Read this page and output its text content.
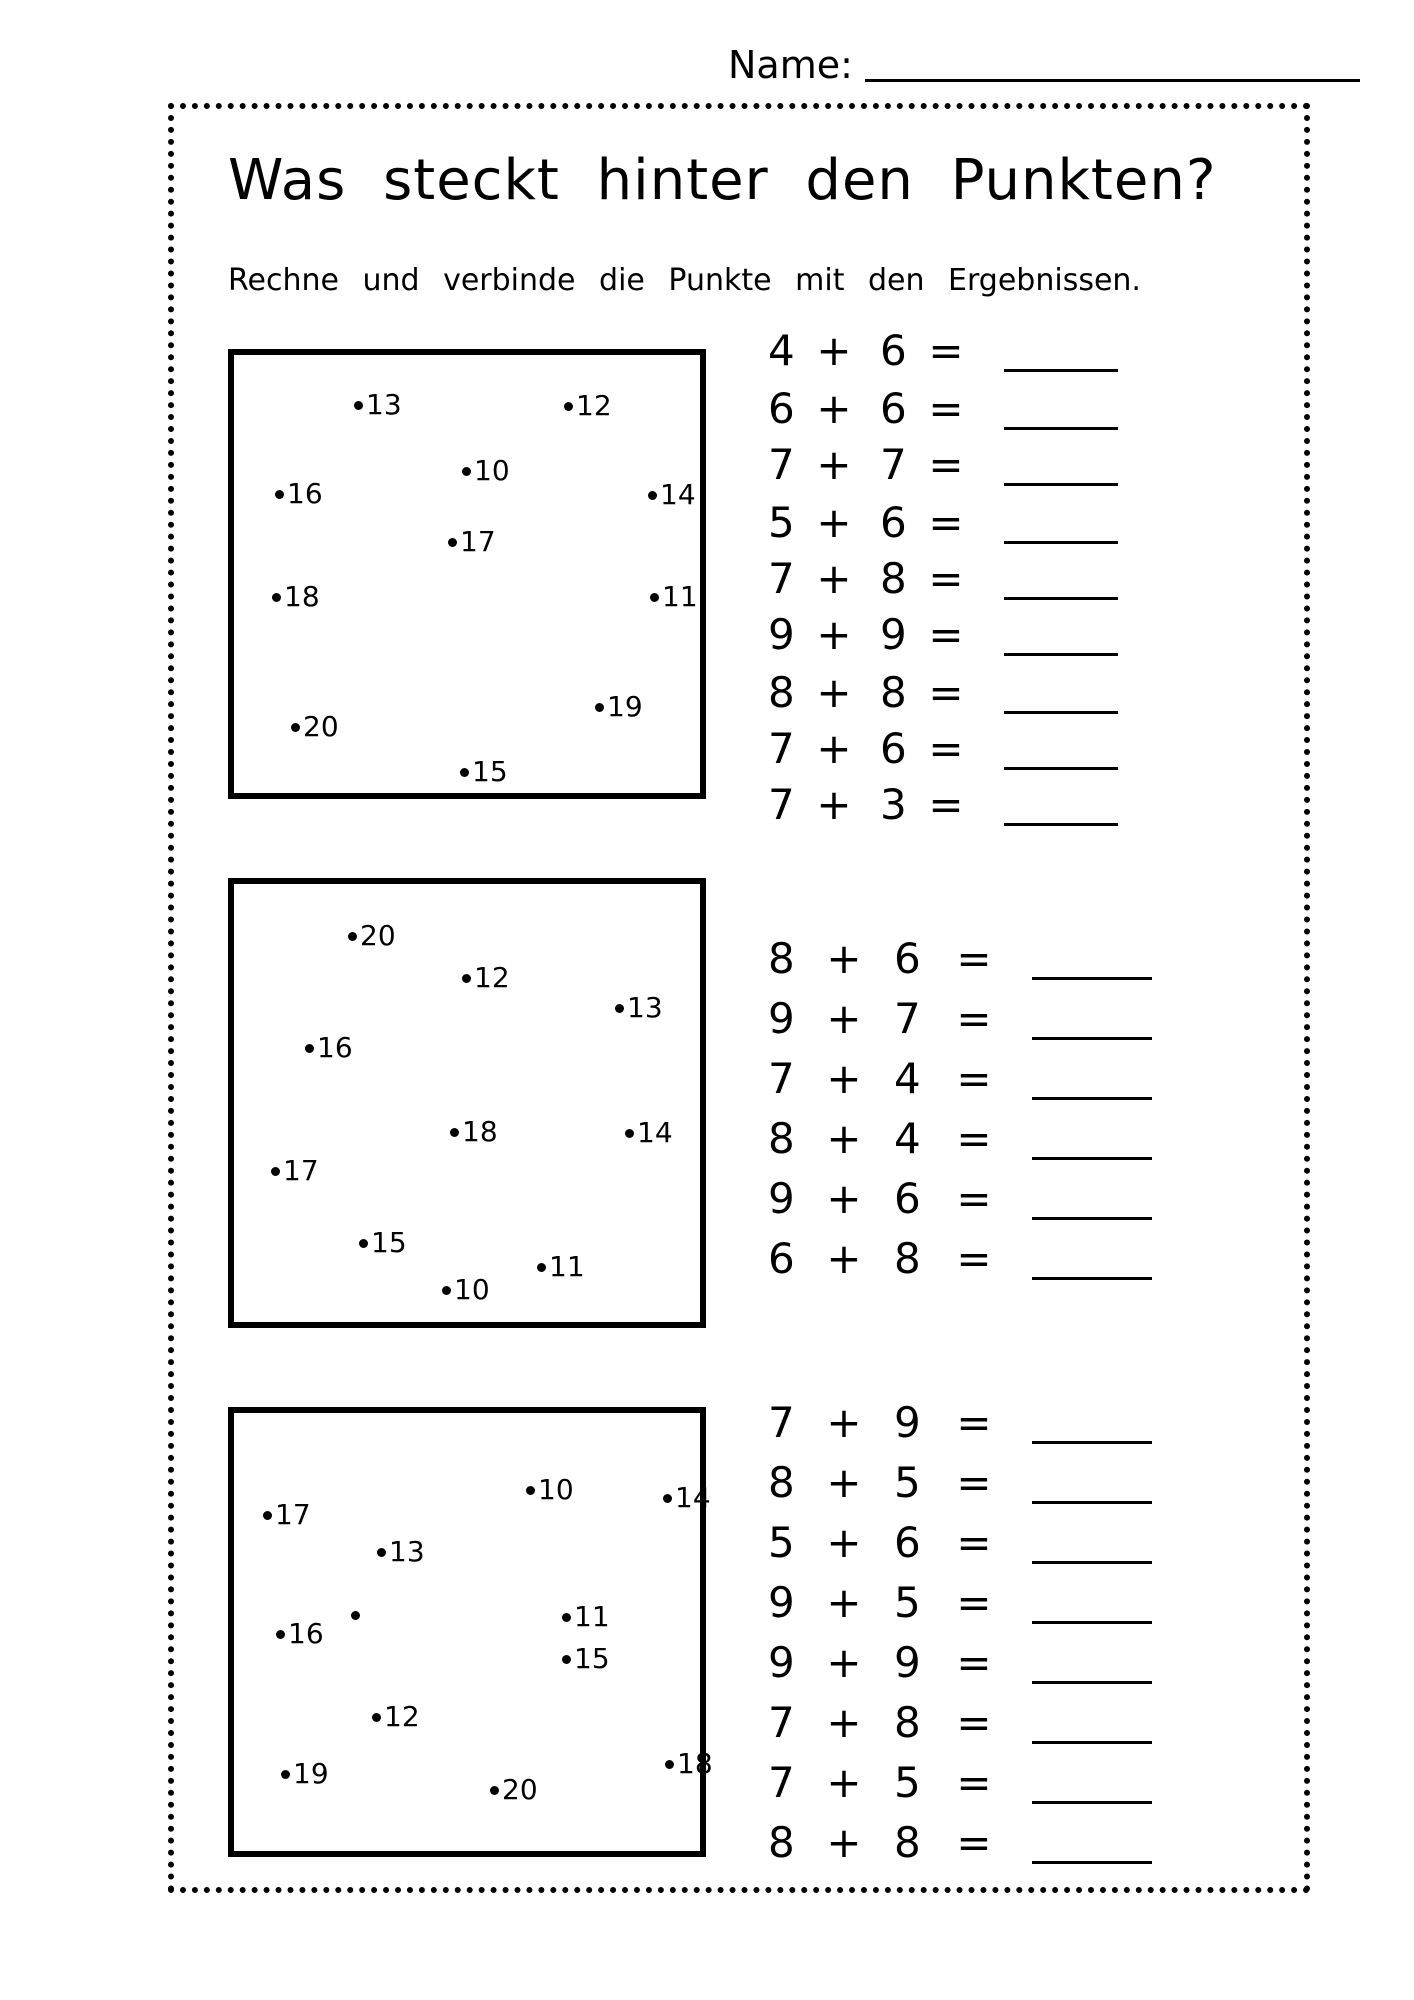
Name:
Was steckt hinter den Punkten?
Rechne und verbinde die Punkte mit den Ergebnissen.
13	12
10
16	14
17
18	11
19
20
15
20
12
13
16
18	14
17
15
11
10
10	14
17
13
16
11
15
12
18
19	20
4 + 6 =
6 + 6 =
7 + 7 =
5 + 6 =
7 + 8 =
9 + 9 =
8 + 8 =
7 + 6 =
7 + 3 =
8 + 6 =
9 + 7 =
7 + 4 =
8 + 4 =
9 + 6 =
6 + 8 =
7 + 9 =
8 + 5 =
5 + 6 =
9 + 5 =
9 + 9 =
7 + 8 =
7 + 5 =
8 + 8 =
